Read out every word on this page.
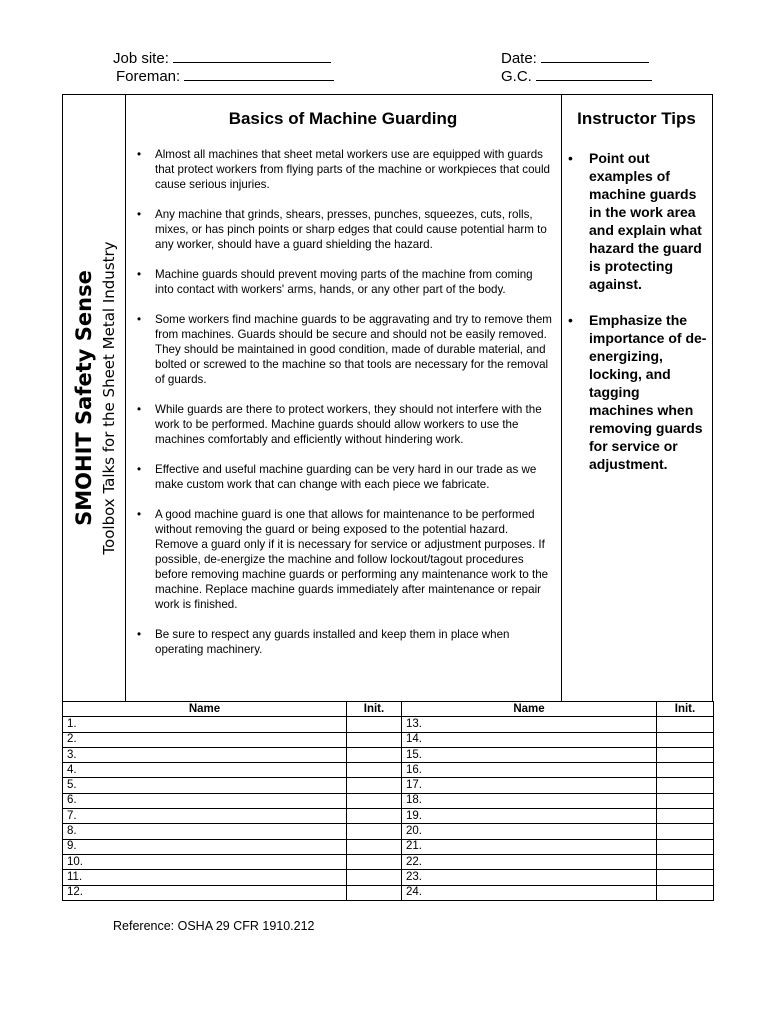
Job site:
Foreman:
Date:
G.C.
SMOHIT Safety Sense Toolbox Talks for the Sheet Metal Industry
Basics of Machine Guarding
• Almost all machines that sheet metal workers use are equipped with guards that protect workers from flying parts of the machine or workpieces that could cause serious injuries.
• Any machine that grinds, shears, presses, punches, squeezes, cuts, rolls, mixes, or has pinch points or sharp edges that could cause potential harm to any worker, should have a guard shielding the hazard.
• Machine guards should prevent moving parts of the machine from coming into contact with workers' arms, hands, or any other part of the body.
• Some workers find machine guards to be aggravating and try to remove them from machines. Guards should be secure and should not be easily removed. They should be maintained in good condition, made of durable material, and bolted or screwed to the machine so that tools are necessary for the removal of guards.
• While guards are there to protect workers, they should not interfere with the work to be performed. Machine guards should allow workers to use the machines comfortably and efficiently without hindering work.
• Effective and useful machine guarding can be very hard in our trade as we make custom work that can change with each piece we fabricate.
• A good machine guard is one that allows for maintenance to be performed without removing the guard or being exposed to the potential hazard. Remove a guard only if it is necessary for service or adjustment purposes. If possible, de-energize the machine and follow lockout/tagout procedures before removing machine guards or performing any maintenance work to the machine. Replace machine guards immediately after maintenance or repair work is finished.
• Be sure to respect any guards installed and keep them in place when operating machinery.
Instructor Tips
• Point out examples of machine guards in the work area and explain what hazard the guard is protecting against.
• Emphasize the importance of de-energizing, locking, and tagging machines when removing guards for service or adjustment.
Name	Init.	Name	Init.
1.		13.	
2.		14.	
3.		15.	
4.		16.	
5.		17.	
6.		18.	
7.		19.	
8.		20.	
9.		21.	
10.		22.	
11.		23.	
12.		24.	
Reference: OSHA 29 CFR 1910.212
